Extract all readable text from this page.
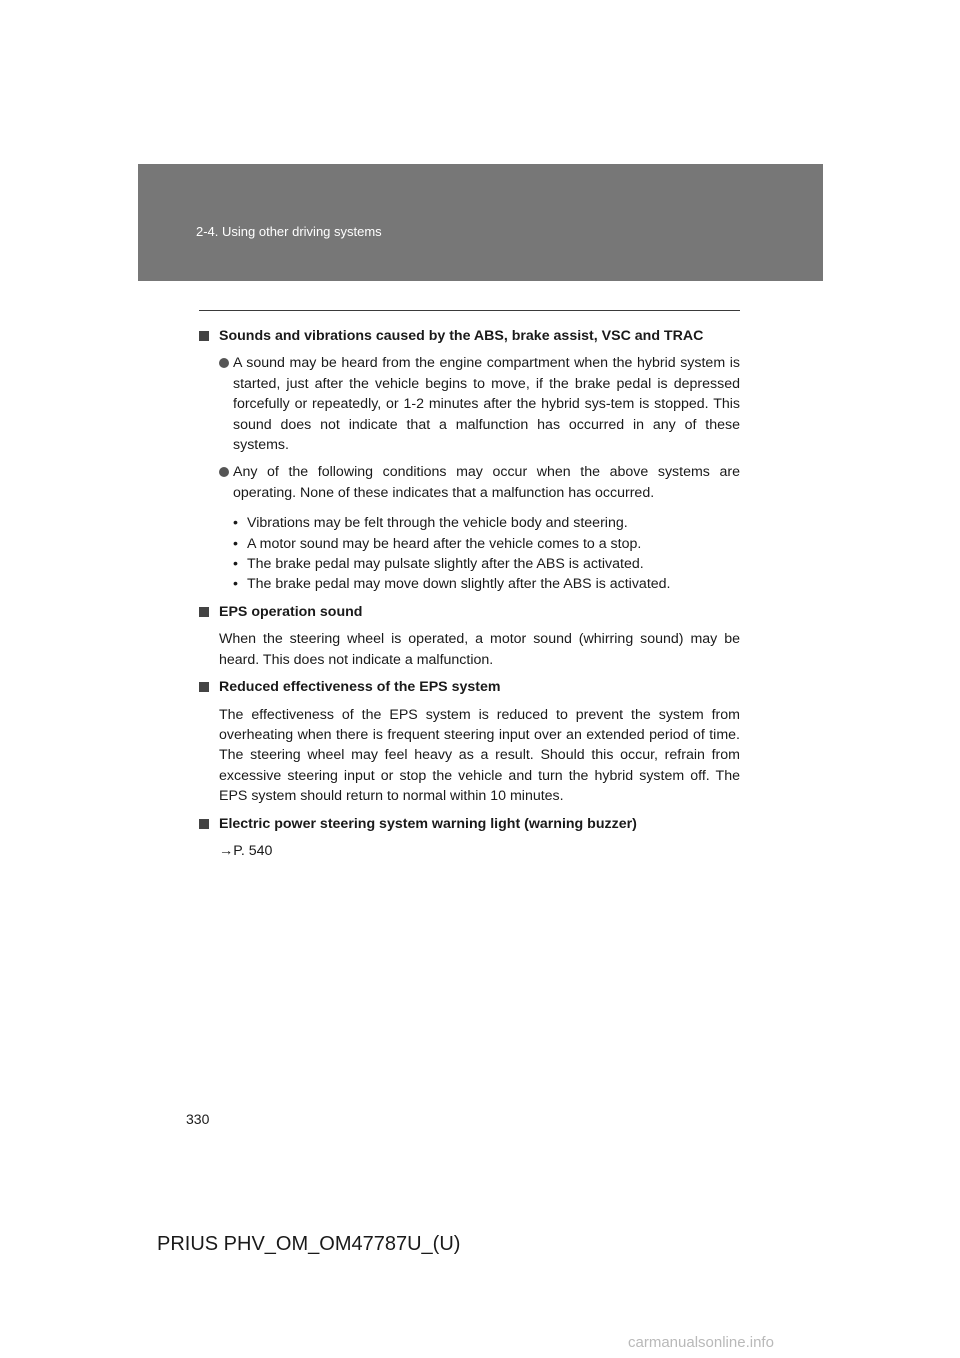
2-4. Using other driving systems

Sounds and vibrations caused by the ABS, brake assist, VSC and TRAC

A sound may be heard from the engine compartment when the hybrid system is started, just after the vehicle begins to move, if the brake pedal is depressed forcefully or repeatedly, or 1-2 minutes after the hybrid sys-tem is stopped. This sound does not indicate that a malfunction has occurred in any of these systems.

Any of the following conditions may occur when the above systems are operating. None of these indicates that a malfunction has occurred.

• Vibrations may be felt through the vehicle body and steering.

• A motor sound may be heard after the vehicle comes to a stop.

• The brake pedal may pulsate slightly after the ABS is activated.

• The brake pedal may move down slightly after the ABS is activated.

EPS operation sound

When the steering wheel is operated, a motor sound (whirring sound) may be heard. This does not indicate a malfunction.

Reduced effectiveness of the EPS system

The effectiveness of the EPS system is reduced to prevent the system from overheating when there is frequent steering input over an extended period of time. The steering wheel may feel heavy as a result. Should this occur, refrain from excessive steering input or stop the vehicle and turn the hybrid system off. The EPS system should return to normal within 10 minutes.

Electric power steering system warning light (warning buzzer)

→P. 540

330
PRIUS PHV_OM_OM47787U_(U)
carmanualsonline.info
